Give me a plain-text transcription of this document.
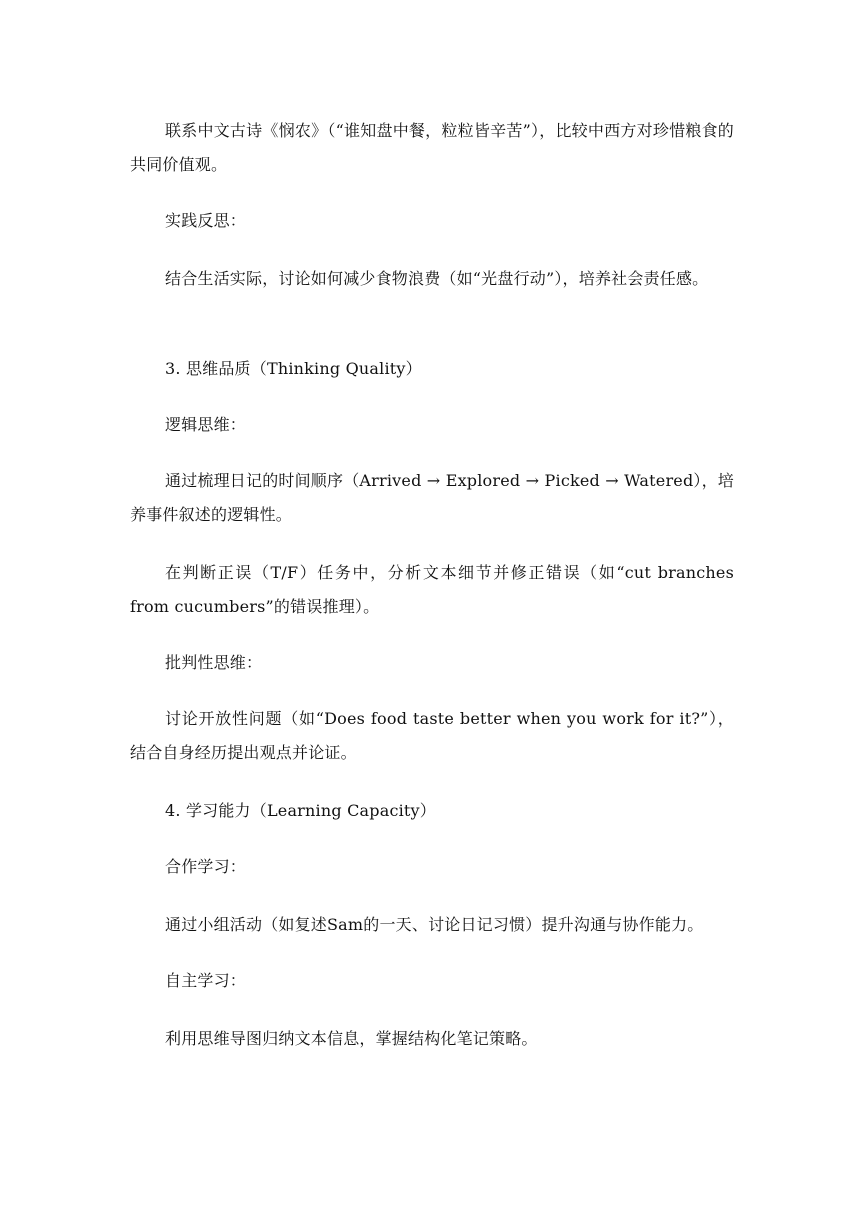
联系中文古诗《悯农》（“谁知盘中餐，粒粒皆辛苦”），比较中西方对珍惜粮食的共同价值观。

实践反思：

结合生活实际，讨论如何减少食物浪费（如“光盘行动”），培养社会责任感。

3. 思维品质（Thinking Quality）

逻辑思维：

通过梳理日记的时间顺序（Arrived → Explored → Picked → Watered），培养事件叙述的逻辑性。

在判断正误（T/F）任务中，分析文本细节并修正错误（如“cut branches from cucumbers”的错误推理）。

批判性思维：

讨论开放性问题（如“Does food taste better when you work for it?”），结合自身经历提出观点并论证。

4. 学习能力（Learning Capacity）

合作学习：

通过小组活动（如复述Sam的一天、讨论日记习惯）提升沟通与协作能力。

自主学习：

利用思维导图归纳文本信息，掌握结构化笔记策略。
